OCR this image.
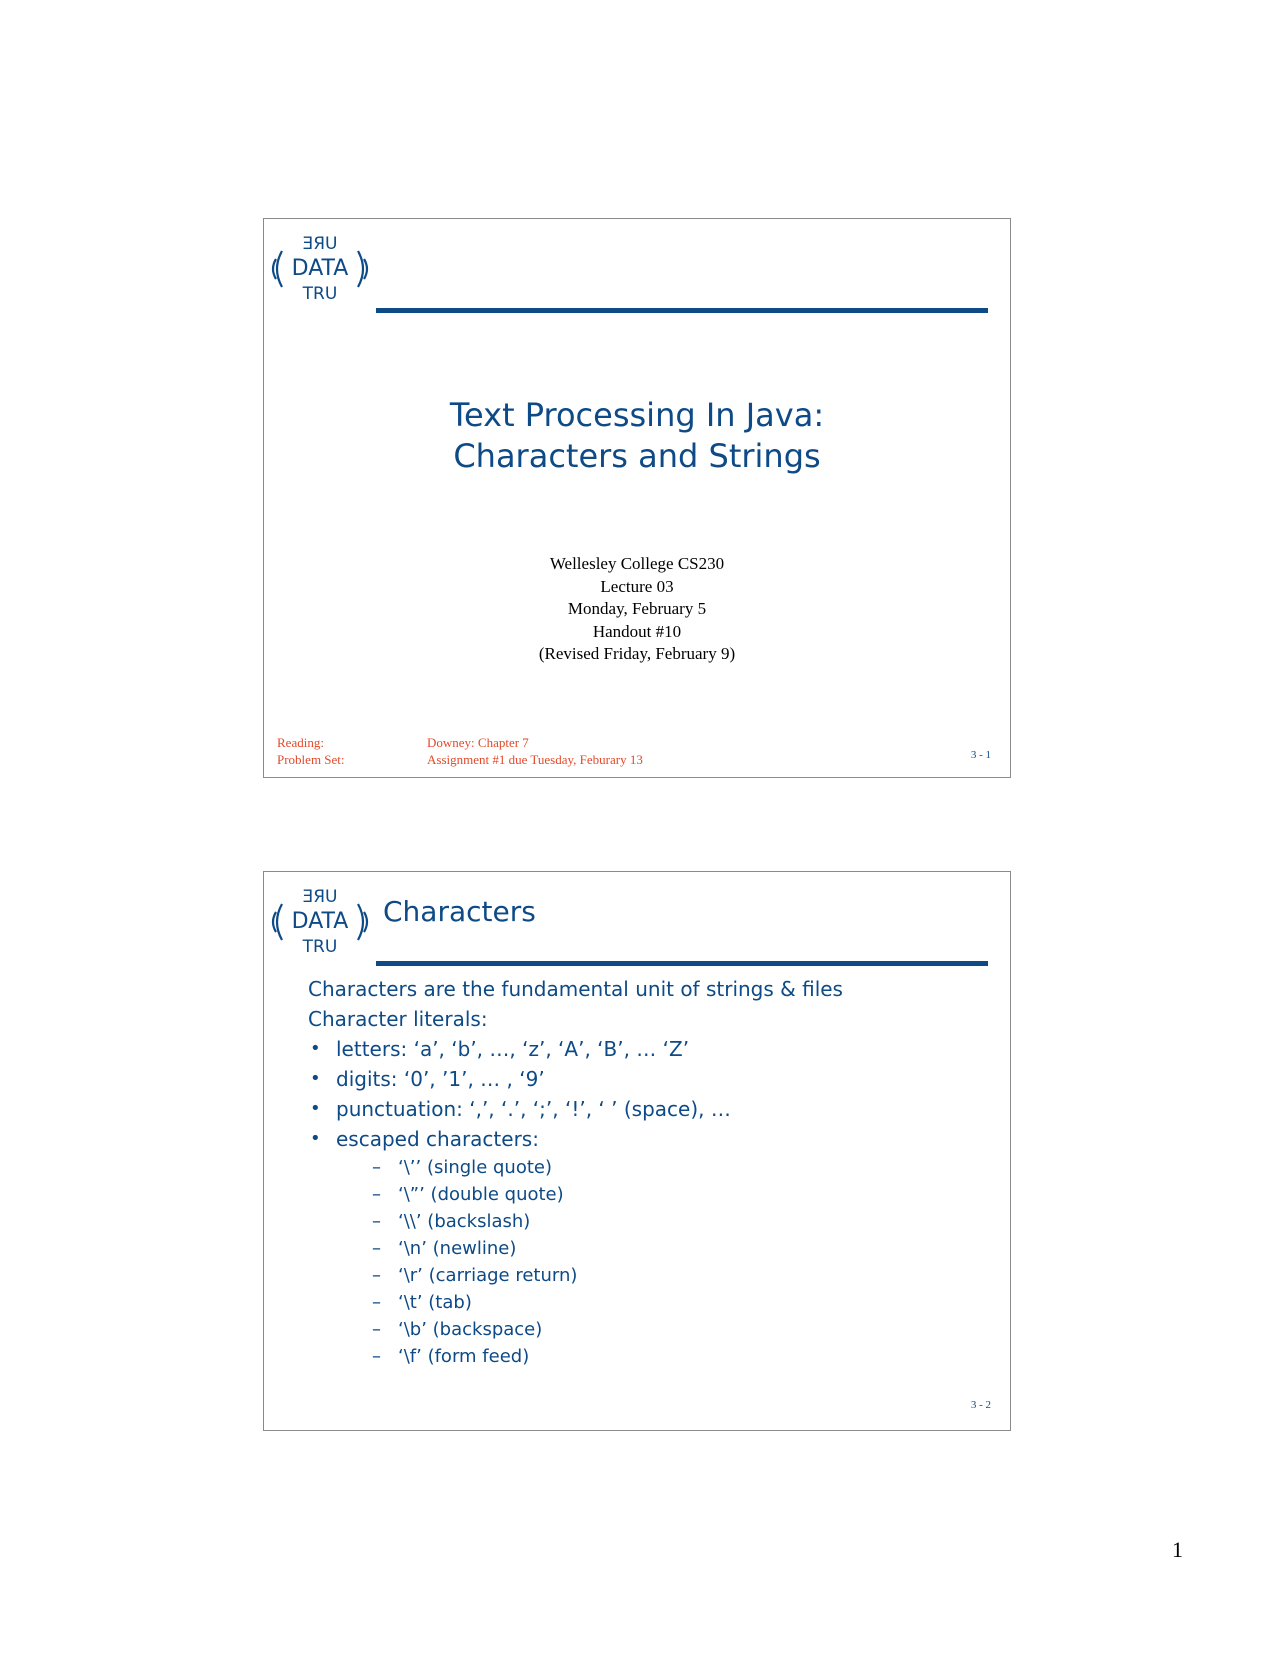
ƎЯU
DATA
TRU
Text Processing In Java:
Characters and Strings
Wellesley College CS230
Lecture 03
Monday, February 5
Handout #10
(Revised Friday, February 9)
Reading:
Problem Set:
Downey: Chapter 7
Assignment #1 due Tuesday, Feburary 13	3 - 1
ƎЯU
DATA
TRU
Characters

Characters are the fundamental unit of strings & files

Character literals:

• letters: ‘a’, ‘b’, …, ‘z’, ‘A’, ‘B’, … ‘Z’
• digits: ‘0’, ’1’, … , ‘9’
• punctuation: ‘,’, ‘.’, ‘;’, ‘!’, ‘ ’ (space), …
• escaped characters:
– ‘\’’ (single quote)
– ‘\”’ (double quote)
– ‘\\’ (backslash)
– ‘\n’ (newline)
– ‘\r’ (carriage return)
– ‘\t’ (tab)
– ‘\b’ (backspace)
– ‘\f’ (form feed)
3 - 2
1
